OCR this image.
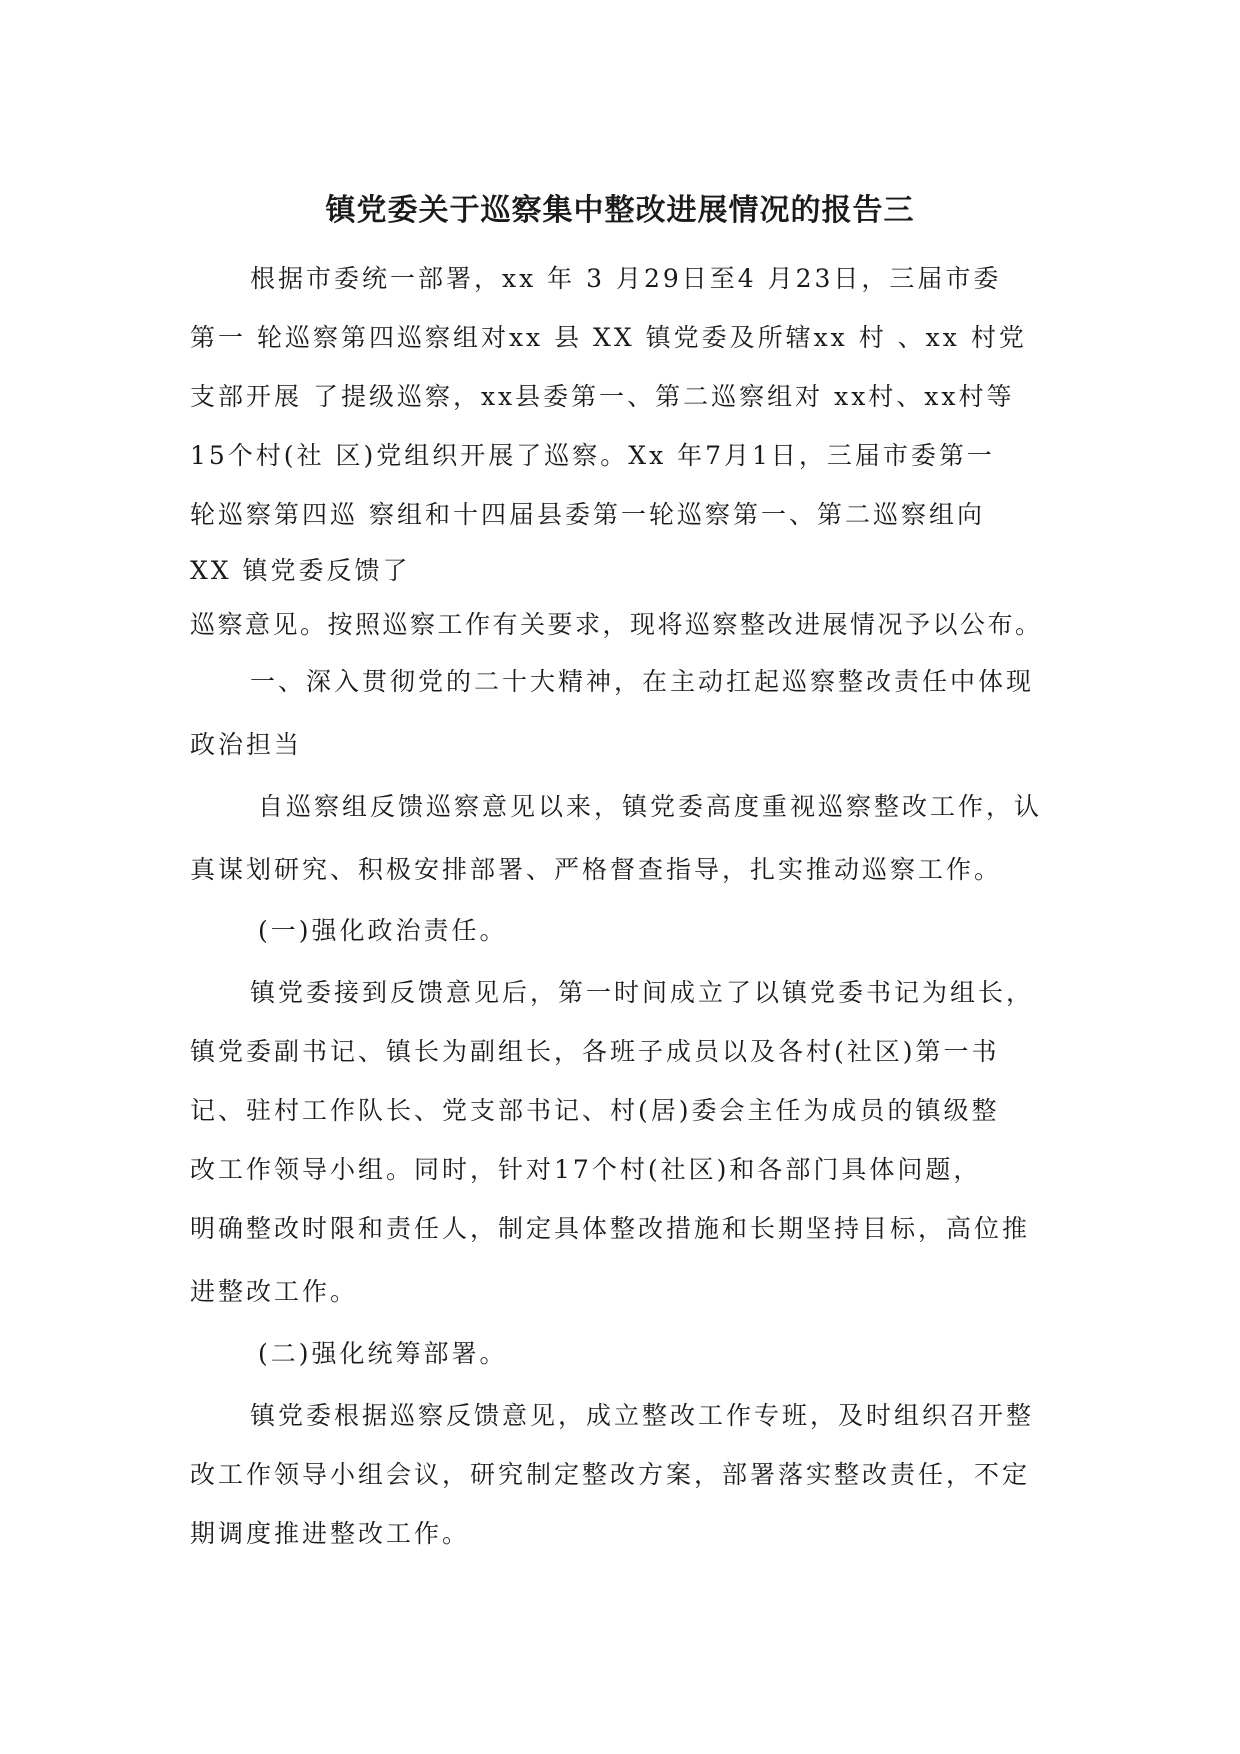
镇党委关于巡察集中整改进展情况的报告三
根据市委统一部署，xx 年 3 月29日至4 月23日，三届市委
第一 轮巡察第四巡察组对xx 县 XX 镇党委及所辖xx 村 、xx 村党
支部开展 了提级巡察，xx县委第一、第二巡察组对 xx村、xx村等
15个村(社 区)党组织开展了巡察。Xx 年7月1日，三届市委第一
轮巡察第四巡 察组和十四届县委第一轮巡察第一、第二巡察组向
XX 镇党委反馈了
巡察意见。按照巡察工作有关要求，现将巡察整改进展情况予以公布。
一、深入贯彻党的二十大精神，在主动扛起巡察整改责任中体现
政治担当
自巡察组反馈巡察意见以来，镇党委高度重视巡察整改工作，认
真谋划研究、积极安排部署、严格督查指导，扎实推动巡察工作。
(一)强化政治责任。
镇党委接到反馈意见后，第一时间成立了以镇党委书记为组长，
镇党委副书记、镇长为副组长，各班子成员以及各村(社区)第一书
记、驻村工作队长、党支部书记、村(居)委会主任为成员的镇级整
改工作领导小组。同时，针对17个村(社区)和各部门具体问题，
明确整改时限和责任人，制定具体整改措施和长期坚持目标，高位推
进整改工作。
(二)强化统筹部署。
镇党委根据巡察反馈意见，成立整改工作专班，及时组织召开整
改工作领导小组会议，研究制定整改方案，部署落实整改责任，不定
期调度推进整改工作。
